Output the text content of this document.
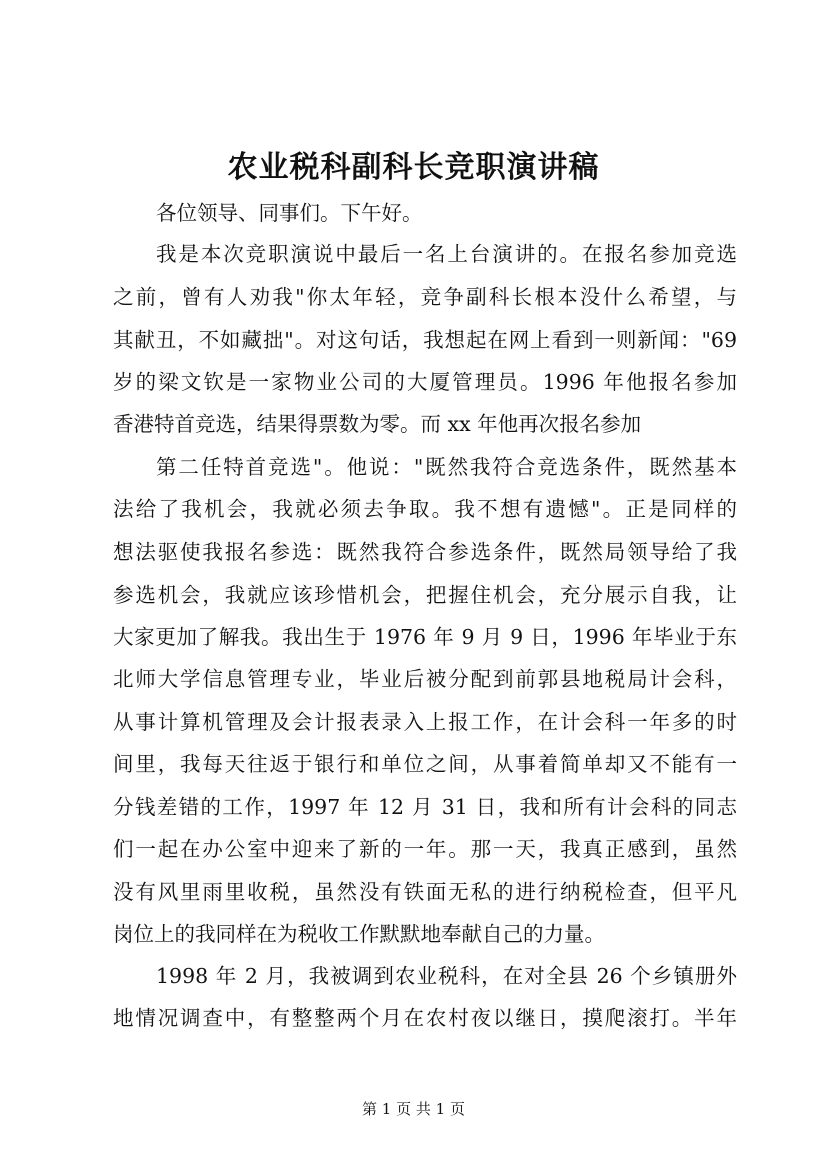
农业税科副科长竞职演讲稿
各位领导、同事们。下午好。
我是本次竞职演说中最后一名上台演讲的。在报名参加竞选
之前，曾有人劝我"你太年轻，竞争副科长根本没什么希望，与
其献丑，不如藏拙"。对这句话，我想起在网上看到一则新闻："69
岁的梁文钦是一家物业公司的大厦管理员。1996 年他报名参加
香港特首竞选，结果得票数为零。而 xx 年他再次报名参加
第二任特首竞选"。他说："既然我符合竞选条件，既然基本
法给了我机会，我就必须去争取。我不想有遗憾"。正是同样的
想法驱使我报名参选：既然我符合参选条件，既然局领导给了我
参选机会，我就应该珍惜机会，把握住机会，充分展示自我，让
大家更加了解我。我出生于 1976 年 9 月 9 日，1996 年毕业于东
北师大学信息管理专业，毕业后被分配到前郭县地税局计会科，
从事计算机管理及会计报表录入上报工作，在计会科一年多的时
间里，我每天往返于银行和单位之间，从事着简单却又不能有一
分钱差错的工作，1997 年 12 月 31 日，我和所有计会科的同志
们一起在办公室中迎来了新的一年。那一天，我真正感到，虽然
没有风里雨里收税，虽然没有铁面无私的进行纳税检查，但平凡
岗位上的我同样在为税收工作默默地奉献自己的力量。
1998 年 2 月，我被调到农业税科，在对全县 26 个乡镇册外
地情况调查中，有整整两个月在农村夜以继日，摸爬滚打。半年
第 1 页 共 1 页
